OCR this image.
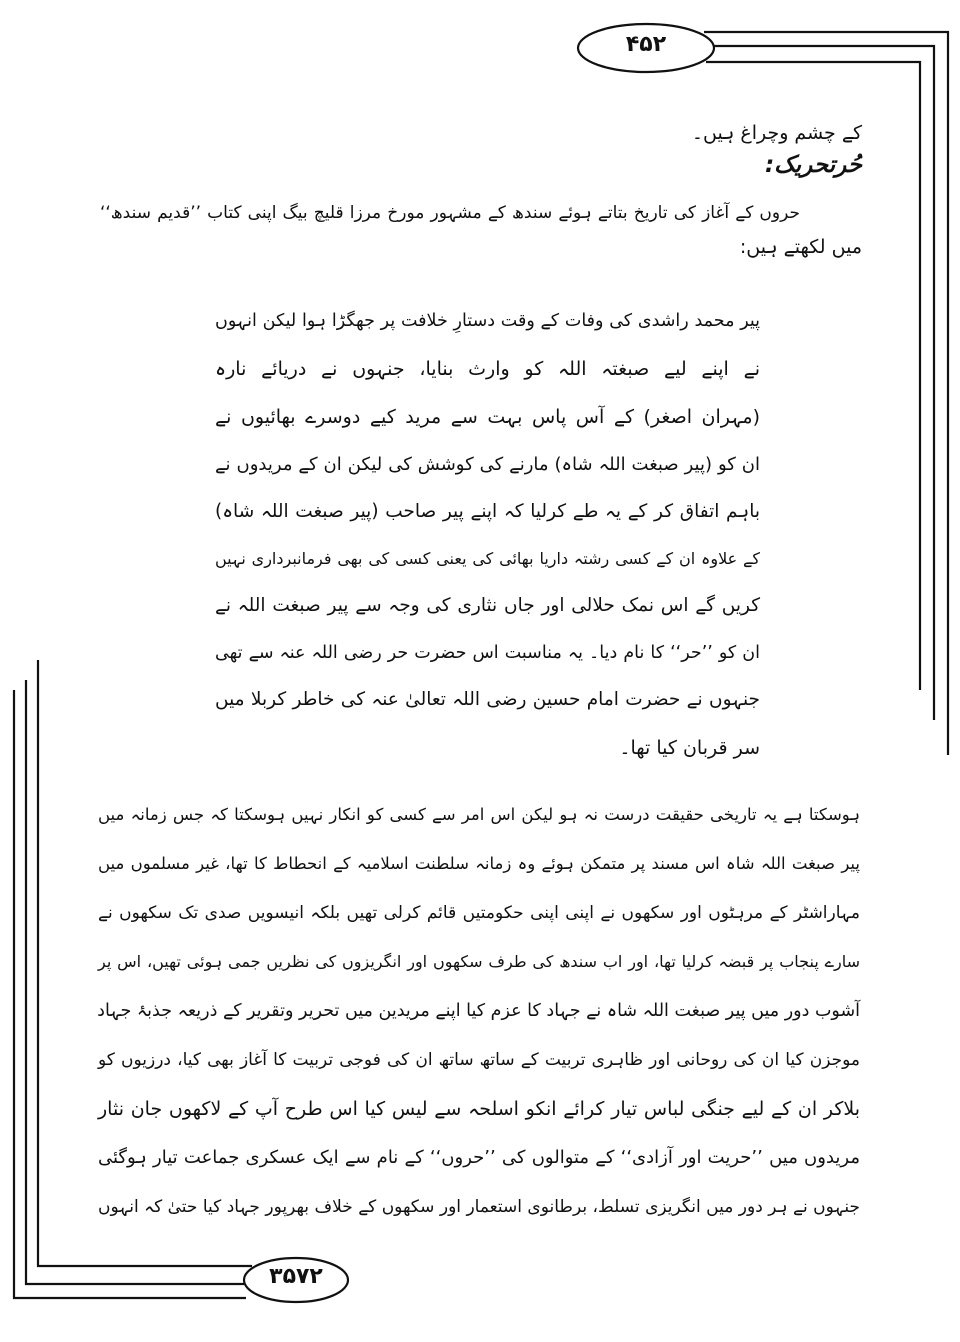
۴۵۲
۳۵۷۲
کے چشم وچراغ ہیں۔
حُرتحریک:
حروں کے آغاز کی تاریخ بتاتے ہوئے سندھ کے مشہور مورخ مرزا قلیچ بیگ اپنی کتاب ’’قدیم سندھ‘‘
میں لکھتے ہیں:
پیر محمد راشدی کی وفات کے وقت دستارِ خلافت پر جھگڑا ہوا لیکن انہوں
نے اپنے لیے صبغتہ اللہ کو وارث بنایا، جنہوں نے دریائے نارہ
(مہران اصغر) کے آس پاس بہت سے مرید کیے دوسرے بھائیوں نے
ان کو (پیر صبغت اللہ شاہ) مارنے کی کوشش کی لیکن ان کے مریدوں نے
باہم اتفاق کر کے یہ طے کرلیا کہ اپنے پیر صاحب (پیر صبغت اللہ شاہ)
کے علاوہ ان کے کسی رشتہ داریا بھائی کی یعنی کسی کی بھی فرمانبرداری نہیں
کریں گے اس نمک حلالی اور جاں نثاری کی وجہ سے پیر صبغت اللہ نے
ان کو ’’حر‘‘ کا نام دیا۔ یہ مناسبت اس حضرت حر رضی اللہ عنہ سے تھی
جنہوں نے حضرت امام حسین رضی اللہ تعالیٰ عنہ کی خاطر کربلا میں
سر قربان کیا تھا۔
ہوسکتا ہے یہ تاریخی حقیقت درست نہ ہو لیکن اس امر سے کسی کو انکار نہیں ہوسکتا کہ جس زمانہ میں
پیر صبغت اللہ شاہ اس مسند پر متمکن ہوئے وہ زمانہ سلطنت اسلامیہ کے انحطاط کا تھا، غیر مسلموں میں
مہاراشٹر کے مرہٹوں اور سکھوں نے اپنی اپنی حکومتیں قائم کرلی تھیں بلکہ انیسویں صدی تک سکھوں نے
سارے پنجاب پر قبضہ کرلیا تھا، اور اب سندھ کی طرف سکھوں اور انگریزوں کی نظریں جمی ہوئی تھیں، اس پر
آشوب دور میں پیر صبغت اللہ شاہ نے جہاد کا عزم کیا اپنے مریدین میں تحریر وتقریر کے ذریعہ جذبۂ جہاد
موجزن کیا ان کی روحانی اور ظاہری تربیت کے ساتھ ساتھ ان کی فوجی تربیت کا آغاز بھی کیا، درزیوں کو
بلاکر ان کے لیے جنگی لباس تیار کرائے انکو اسلحہ سے لیس کیا اس طرح آپ کے لاکھوں جان نثار
مریدوں میں ’’حریت اور آزادی‘‘ کے متوالوں کی ’’حروں‘‘ کے نام سے ایک عسکری جماعت تیار ہوگئی
جنہوں نے ہر دور میں انگریزی تسلط، برطانوی استعمار اور سکھوں کے خلاف بھرپور جہاد کیا حتیٰ کہ انہوں
